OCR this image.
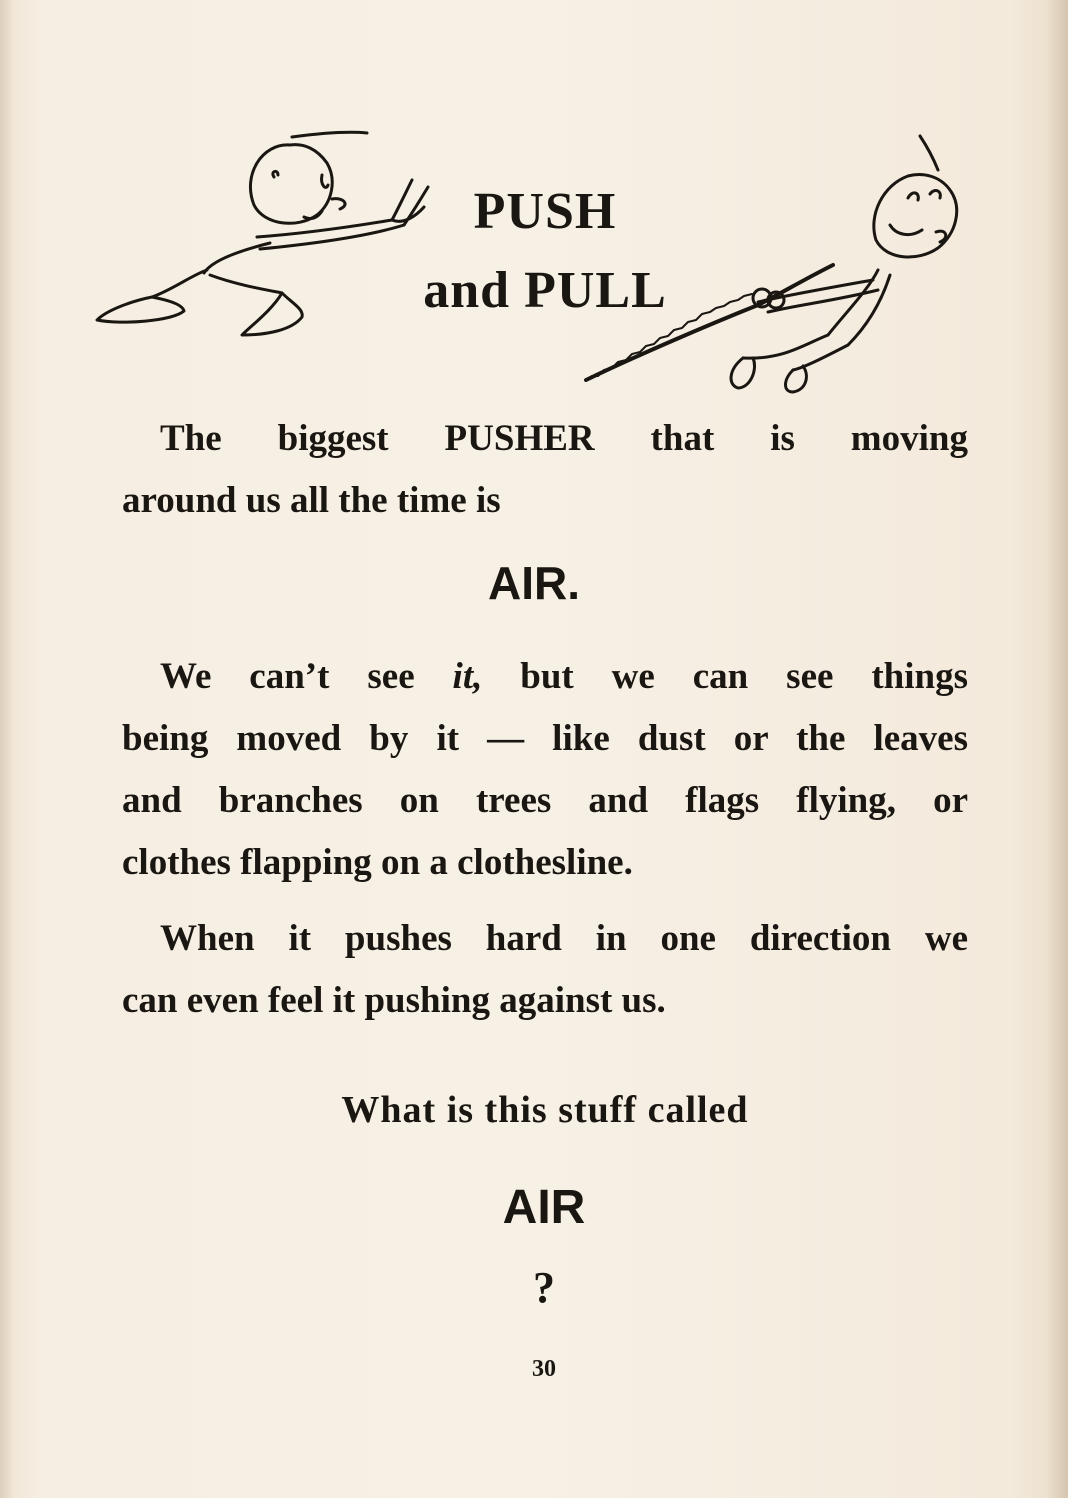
PUSH
and PULL
The biggest PUSHER that is moving
around us all the time is
AIR.
We can’t see it, but we can see things
being moved by it — like dust or the leaves
and branches on trees and flags flying, or
clothes flapping on a clothesline.
When it pushes hard in one direction we
can even feel it pushing against us.
What is this stuff called
AIR
?
30
